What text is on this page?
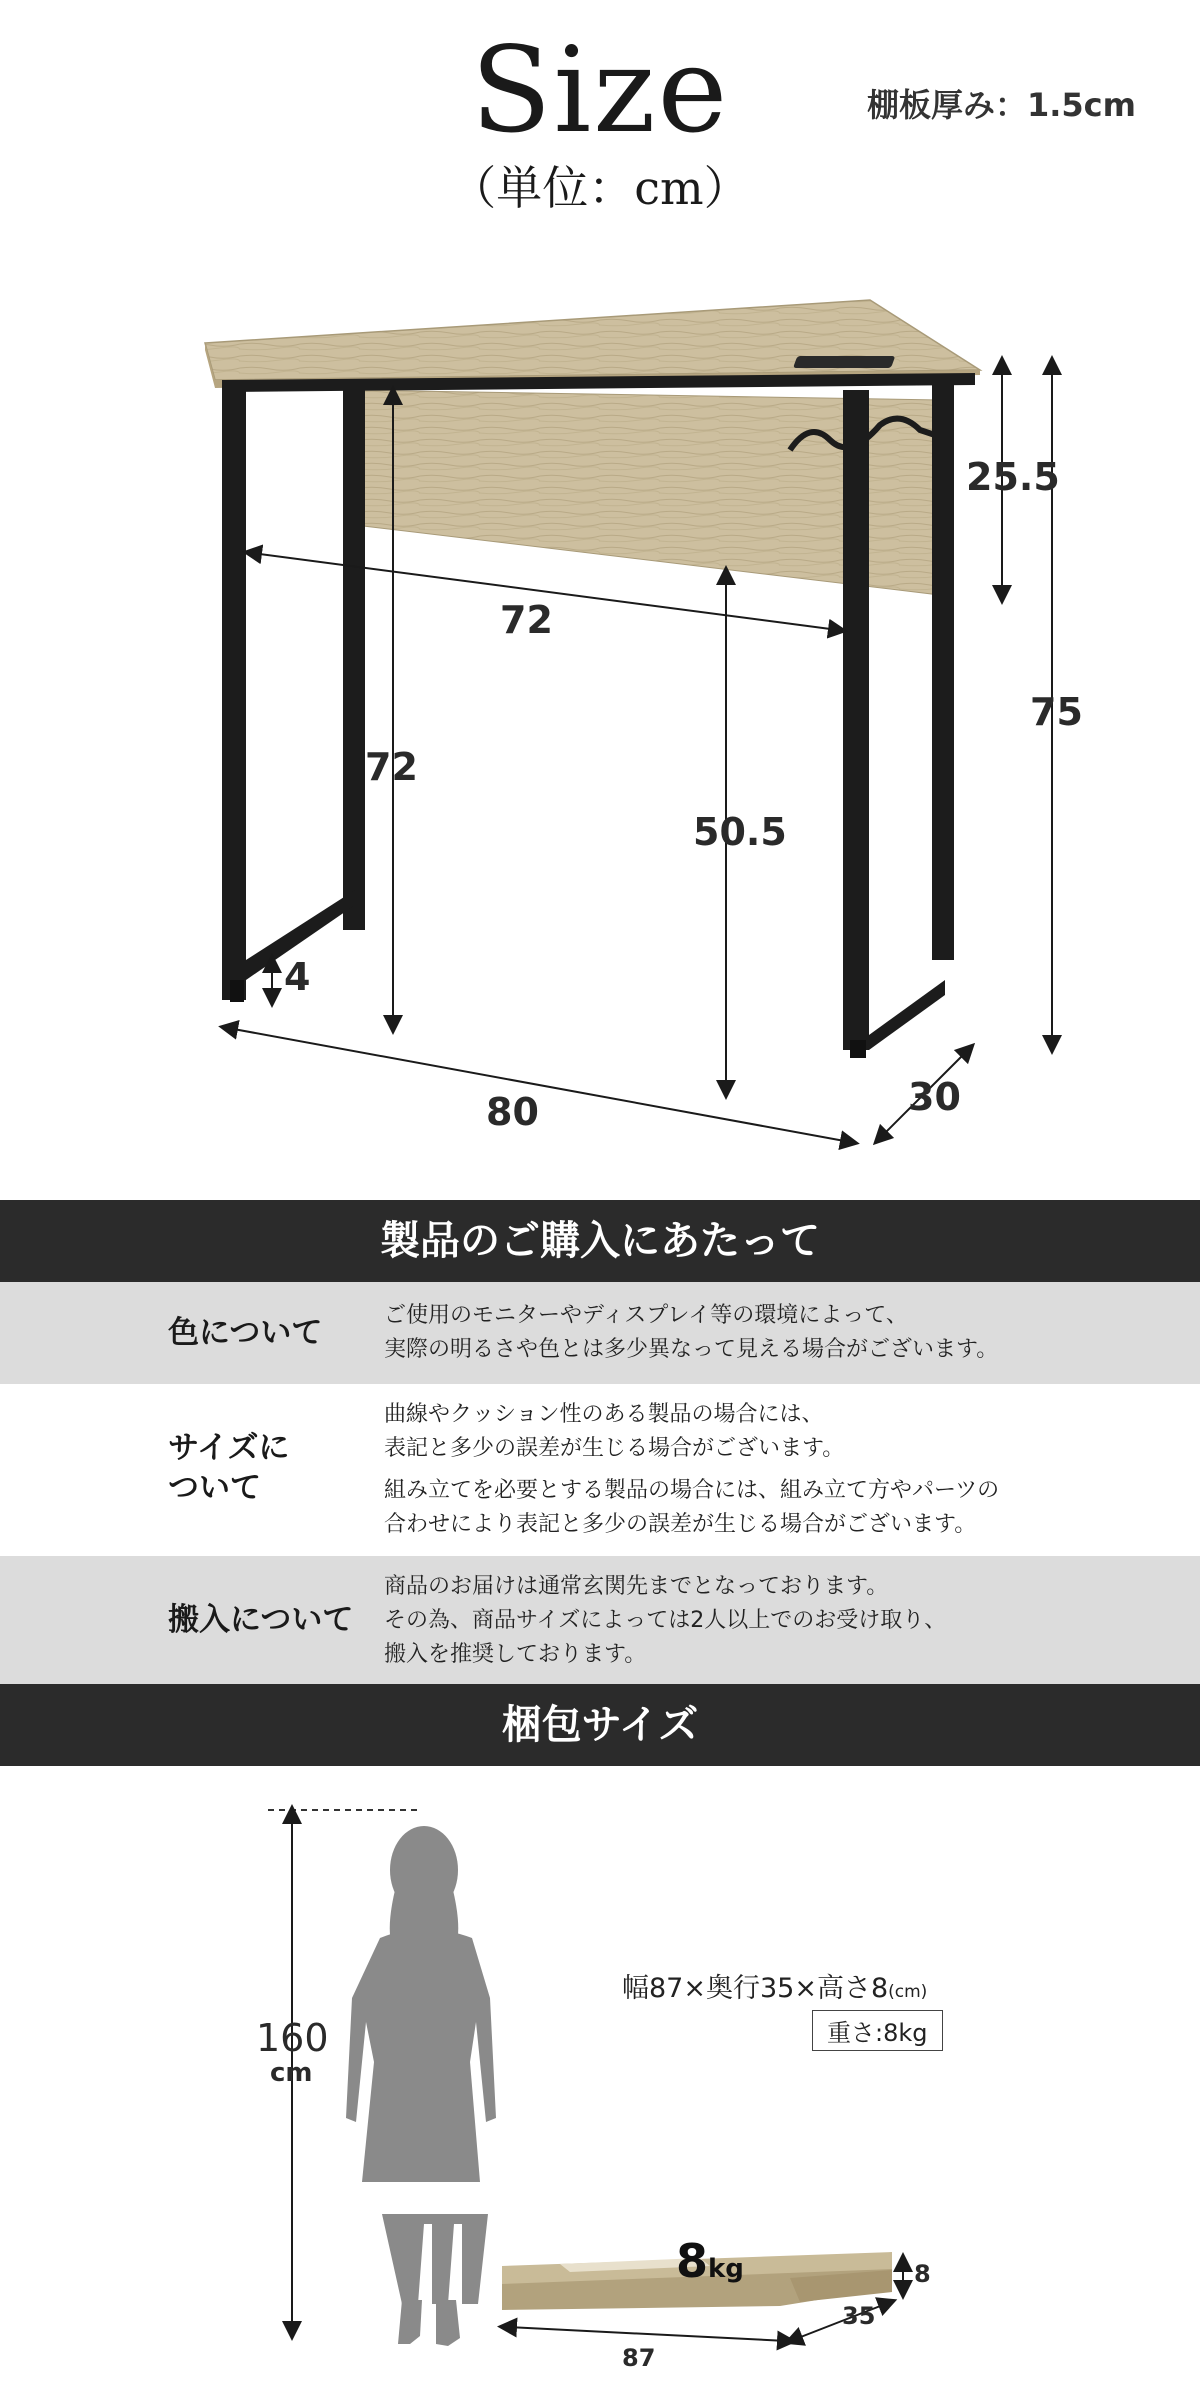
Size
（単位：cm）
棚板厚み：1.5cm
72
72
25.5
75
50.5
4
80	30
製品のご購入にあたって
色について	ご使用のモニターやディスプレイ等の環境によって、
実際の明るさや色とは多少異なって見える場合がございます。
サイズに
ついて
曲線やクッション性のある製品の場合には、
表記と多少の誤差が生じる場合がございます。
組み立てを必要とする製品の場合には、組み立て方やパーツの
合わせにより表記と多少の誤差が生じる場合がございます。
搬入について
商品のお届けは通常玄関先までとなっております。
その為、商品サイズによっては2人以上でのお受け取り、
搬入を推奨しております。
梱包サイズ
160
cm
幅87×奥行35×高さ8(cm)
重さ:8kg
8kg
87
35
8
